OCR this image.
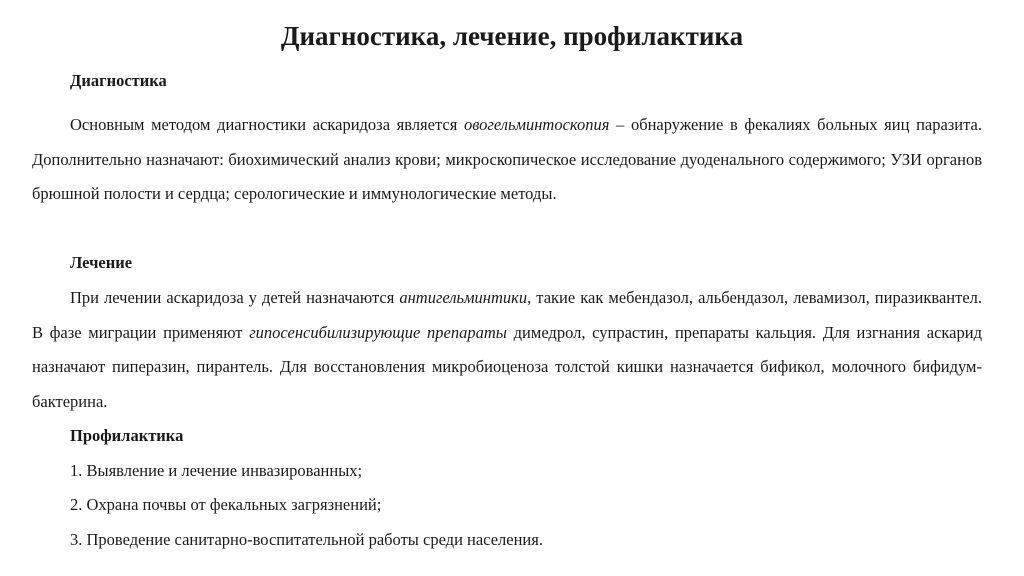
Диагностика, лечение, профилактика
Диагностика

Основным методом диагностики аскаридоза является овогельминтоскопия – обнаружение в фекалиях больных яиц паразита. Дополнительно назначают: биохимический анализ крови; микроскопическое исследование дуоденального содержимого; УЗИ органов брюшной полости и сердца; серологические и иммунологические методы.

Лечение

При лечении аскаридоза у детей назначаются антигельминтики, такие как мебендазол, альбендазол, левамизол, пиразиквантел. В фазе миграции применяют гипосенсибилизирующие препараты димедрол, супрастин, препараты кальция. Для изгнания аскарид назначают пиперазин, пирантель. Для восстановления микробиоценоза толстой кишки назначается бификол, молочного бифидум-бактерина.

Профилактика

1. Выявление и лечение инвазированных;

2. Охрана почвы от фекальных загрязнений;

3. Проведение санитарно-воспитательной работы среди населения.
